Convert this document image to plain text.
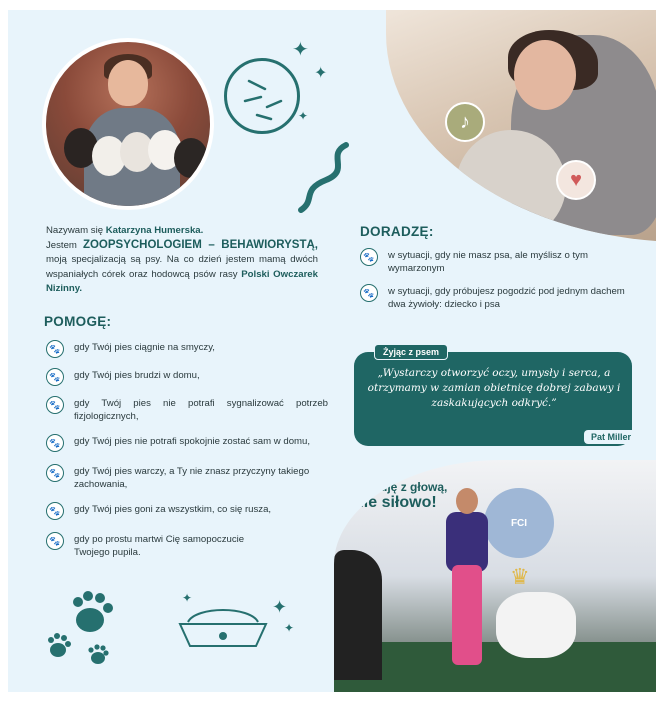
✦
✦
✦	♪
♥
Nazywam się Katarzyna Humerska.
Jestem ZOOPSYCHOLOGIEM – BEHAWIORYSTĄ, moją specjalizacją są psy. Na co dzień jestem mamą dwóch wspaniałych córek oraz hodowcą psów rasy Polski Owczarek Nizinny.
POMOGĘ:
🐾	gdy Twój pies ciągnie na smyczy,
🐾	gdy Twój pies brudzi w domu,
🐾	gdy Twój pies nie potrafi sygnalizować potrzeb fizjologicznych,
🐾	gdy Twój pies nie potrafi spokojnie zostać sam w domu,
🐾	gdy Twój pies warczy, a Ty nie znasz przyczyny takiego zachowania,
🐾	gdy Twój pies goni za wszystkim, co się rusza,
🐾	gdy po prostu martwi Cię samopoczucie Twojego pupila.
DORADZĘ:
🐾	w sytuacji, gdy nie masz psa, ale myślisz o tym wymarzonym
🐾	w sytuacji, gdy próbujesz pogodzić pod jednym dachem dwa żywioły: dziecko i psa
Żyjąc z psem
„Wystarczy otworzyć oczy, umysły i serca, a otrzymamy w zamian obietnicę dobrej zabawy i zaskakujących odkryć.”
Pat Miller
FCI
♛
Pracuję z głową,
nie siłowo!
✦	✦
✦
